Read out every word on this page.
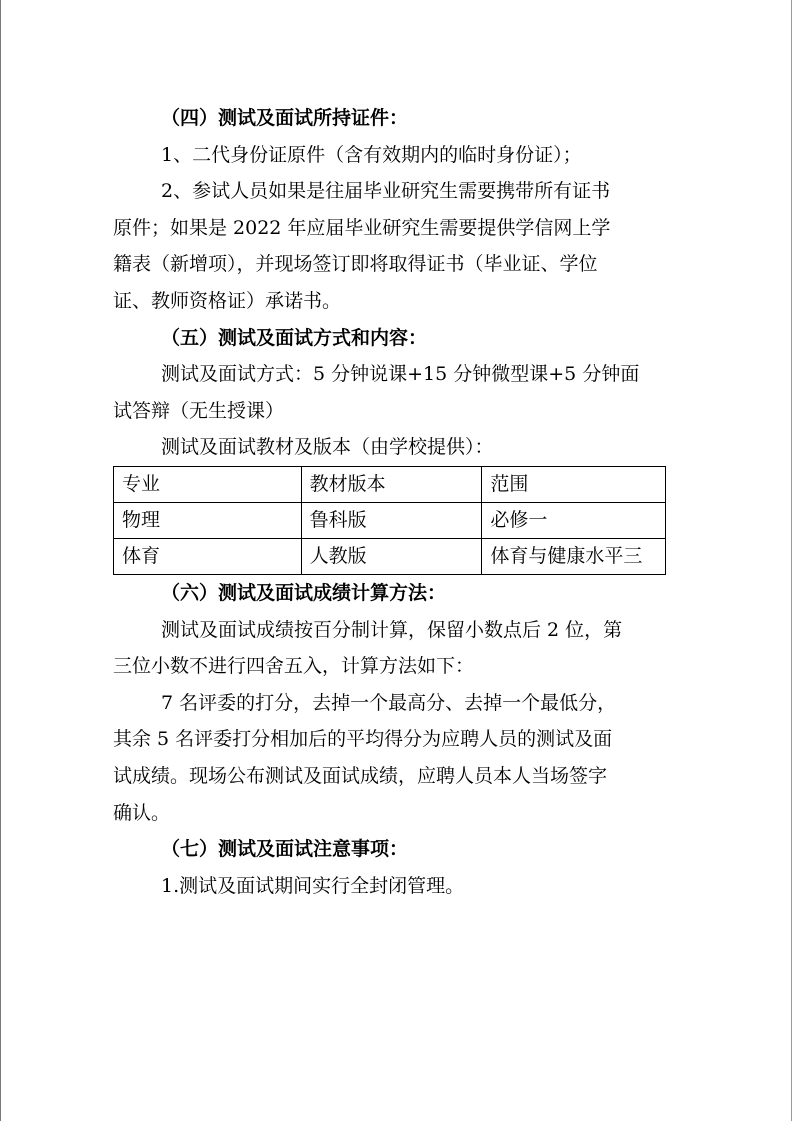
（四）测试及面试所持证件：

1、二代身份证原件（含有效期内的临时身份证）；

2、参试人员如果是往届毕业研究生需要携带所有证书

原件；如果是 2022 年应届毕业研究生需要提供学信网上学

籍表（新增项），并现场签订即将取得证书（毕业证、学位

证、教师资格证）承诺书。

（五）测试及面试方式和内容：

测试及面试方式：5 分钟说课+15 分钟微型课+5 分钟面

试答辩（无生授课）

测试及面试教材及版本（由学校提供）：

专业	教材版本	范围
物理	鲁科版	必修一
体育	人教版	体育与健康水平三

（六）测试及面试成绩计算方法：

测试及面试成绩按百分制计算，保留小数点后 2 位，第

三位小数不进行四舍五入，计算方法如下：

7 名评委的打分，去掉一个最高分、去掉一个最低分，

其余 5 名评委打分相加后的平均得分为应聘人员的测试及面

试成绩。现场公布测试及面试成绩，应聘人员本人当场签字

确认。

（七）测试及面试注意事项：

1.测试及面试期间实行全封闭管理。
